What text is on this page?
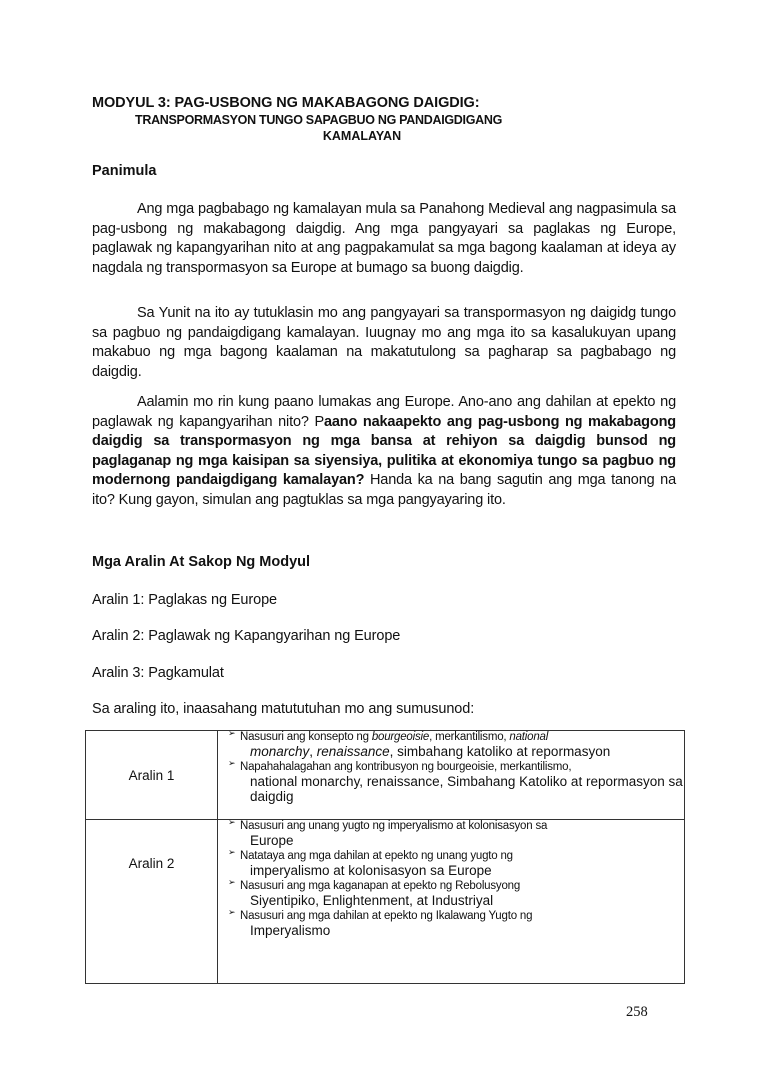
MODYUL 3: PAG-USBONG NG MAKABAGONG DAIGDIG:
TRANSPORMASYON TUNGO SAPAGBUO NG PANDAIGDIGANG
KAMALAYAN
Panimula
Ang mga pagbabago ng kamalayan mula sa Panahong Medieval ang nagpasimula sa pag-usbong ng makabagong daigdig. Ang mga pangyayari sa paglakas ng Europe, paglawak ng kapangyarihan nito at ang pagpakamulat sa mga bagong kaalaman at ideya ay nagdala ng transpormasyon sa Europe at bumago sa buong daigdig.
Sa Yunit na ito ay tutuklasin mo ang pangyayari sa transpormasyon ng daigidg tungo sa pagbuo ng pandaigdigang kamalayan. Iuugnay mo ang mga ito sa kasalukuyan upang makabuo ng mga bagong kaalaman na makatutulong sa pagharap sa pagbabago ng daigdig.
Aalamin mo rin kung paano lumakas ang Europe. Ano-ano ang dahilan at epekto ng paglawak ng kapangyarihan nito? Paano nakaapekto ang pag-usbong ng makabagong daigdig sa transpormasyon ng mga bansa at rehiyon sa daigdig bunsod ng paglaganap ng mga kaisipan sa siyensiya, pulitika at ekonomiya tungo sa pagbuo ng modernong pandaigdigang kamalayan? Handa ka na bang sagutin ang mga tanong na ito? Kung gayon, simulan ang pagtuklas sa mga pangyayaring ito.
Mga Aralin At Sakop Ng Modyul
Aralin 1: Paglakas ng Europe
Aralin 2: Paglawak ng Kapangyarihan ng Europe
Aralin 3: Pagkamulat
Sa araling ito, inaasahang matututuhan mo ang sumusunod:
Aralin 1

➢ Nasusuri ang konsepto ng bourgeoisie, merkantilismo, national
monarchy, renaissance, simbahang katoliko at repormasyon
➢ Napahahalagahan ang kontribusyon ng bourgeoisie, merkantilismo,
national monarchy, renaissance, Simbahang Katoliko at repormasyon sa daigdig

Aralin 2

➢ Nasusuri ang unang yugto ng imperyalismo at kolonisasyon sa
Europe
➢ Natataya ang mga dahilan at epekto ng unang yugto ng
imperyalismo at kolonisasyon sa Europe
➢ Nasusuri ang mga kaganapan at epekto ng Rebolusyong
Siyentipiko, Enlightenment, at Industriyal
➢ Nasusuri ang mga dahilan at epekto ng Ikalawang Yugto ng
Imperyalismo
258
